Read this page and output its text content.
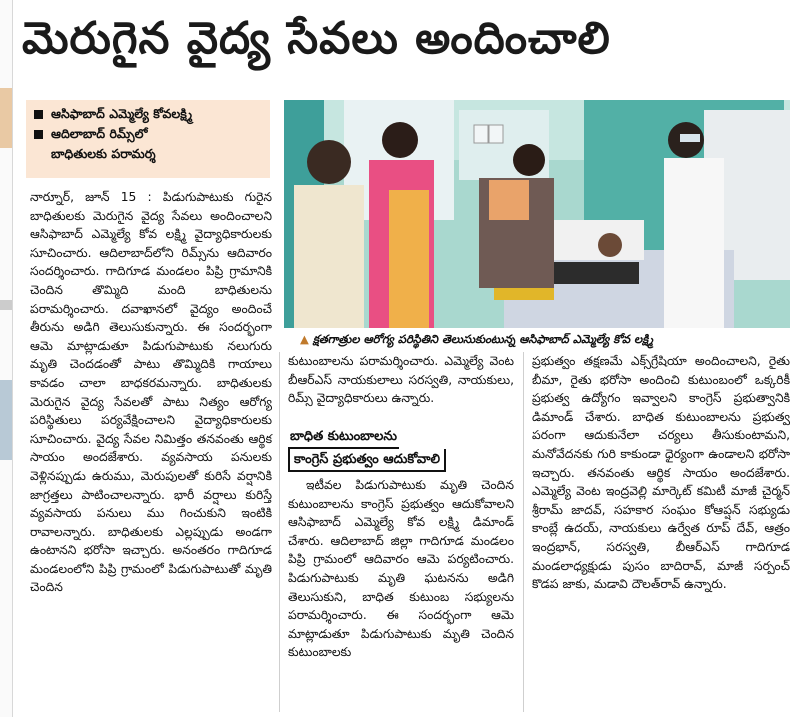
మెరుగైన వైద్య సేవలు అందించాలి
ఆసిఫాబాద్ ఎమ్మెల్యే కోవలక్ష్మి
ఆదిలాబాద్ రిమ్స్‌లో
బాధితులకు పరామర్శ
▲ క్షతగాత్రుల ఆరోగ్య పరిస్థితిని తెలుసుకుంటున్న ఆసిఫాబాద్ ఎమ్మెల్యే కోవ లక్ష్మి

నార్నూర్, జూన్ 15 : పిడుగుపాటుకు గురైన బాధితులకు మెరుగైన వైద్య సేవలు అందించాలని ఆసిఫాబాద్ ఎమ్మెల్యే కోవ లక్ష్మి వైద్యాధికారులకు సూచించారు. ఆదిలాబాద్‌లోని రిమ్స్‌ను ఆదివారం సందర్శించారు. గాదిగూడ మండలం పిప్రి గ్రామానికి చెందిన తొమ్మిది మంది బాధితులను పరామర్శించారు. దవాఖానలో వైద్యం అందించే తీరును అడిగి తెలుసుకున్నారు. ఈ సందర్భంగా ఆమె మాట్లాడుతూ పిడుగుపాటుకు నలుగురు మృతి చెందడంతో పాటు తొమ్మిదికి గాయాలు కావడం చాలా బాధకరమన్నారు. బాధితులకు మెరుగైన వైద్య సేవలతో పాటు నిత్యం ఆరోగ్య పరిస్థితులు పర్యవేక్షించాలని వైద్యాధికారులకు సూచించారు. వైద్య సేవల నిమిత్తం తనవంతు ఆర్థిక సాయం అందజేశారు. వ్యవసాయ పనులకు వెళ్లినప్పుడు ఉరుము, మెరుపులతో కురిసే వర్షానికి జాగ్రత్తలు పాటించాలన్నారు. భారీ వర్షాలు కురిస్తే వ్యవసాయ పనులు ము గించుకుని ఇంటికి రావాలన్నారు. బాధితులకు ఎల్లప్పుడు అండగా ఉంటానని భరోసా ఇచ్చారు. అనంతరం గాదిగూడ మండలంలోని పిప్రి గ్రామంలో పిడుగుపాటుతో మృతి చెందిన

కుటుంబాలను పరామర్శించారు. ఎమ్మెల్యే వెంట బీఆర్‌ఎస్ నాయకులాలు సరస్వతి, నాయకులు, రిమ్స్ వైద్యాధికారులు ఉన్నారు.

బాధిత కుటుంబాలను
కాంగ్రెస్ ప్రభుత్వం ఆదుకోవాలి

ఇటీవల పిడుగుపాటుకు మృతి చెందిన కుటుంబాలను కాంగ్రెస్ ప్రభుత్వం ఆదుకోవాలని ఆసిఫాబాద్ ఎమ్మెల్యే కోవ లక్ష్మి డిమాండ్ చేశారు. ఆదిలాబాద్ జిల్లా గాదిగూడ మండలం పిప్రి గ్రామంలో ఆదివారం ఆమె పర్యటించారు. పిడుగుపాటుకు మృతి ఘటనను అడిగి తెలుసుకుని, బాధిత కుటుంబ సభ్యులను పరామర్శించారు. ఈ సందర్భంగా ఆమె మాట్లాడుతూ పిడుగుపాటుకు మృతి చెందిన కుటుంబాలకు

ప్రభుత్వం తక్షణమే ఎక్స్‌గ్రేషియా అందించాలని, రైతు బీమా, రైతు భరోసా అందించి కుటుంబంలో ఒక్కరికీ ప్రభుత్వ ఉద్యోగం ఇవ్వాలని కాంగ్రెస్ ప్రభుత్వానికి డిమాండ్ చేశారు. బాధిత కుటుంబాలను ప్రభుత్వ పరంగా ఆదుకునేలా చర్యలు తీసుకుంటామని, మనోవేదనకు గురి కాకుండా ధైర్యంగా ఉండాలని భరోసా ఇచ్చారు. తనవంతు ఆర్థిక సాయం అందజేశారు. ఎమ్మెల్యే వెంట ఇంద్రవెల్లి మార్కెట్ కమిటీ మాజీ చైర్మన్ శ్రీరామ్ జాదవ్, సహకార సంఘం కోఆప్షన్ సభ్యుడు కాంబ్లే ఉదయ్, నాయకులు ఉర్వేత రూప్ దేవ్, ఆత్రం ఇంద్రభాన్, సరస్వతి, బీఆర్‌ఎస్ గాదిగూడ మండలాధ్యక్షుడు పుసం బాదిరావ్, మాజీ సర్పంచ్ కొడప జాకు, మడావి దౌలత్‌రావ్ ఉన్నారు.
